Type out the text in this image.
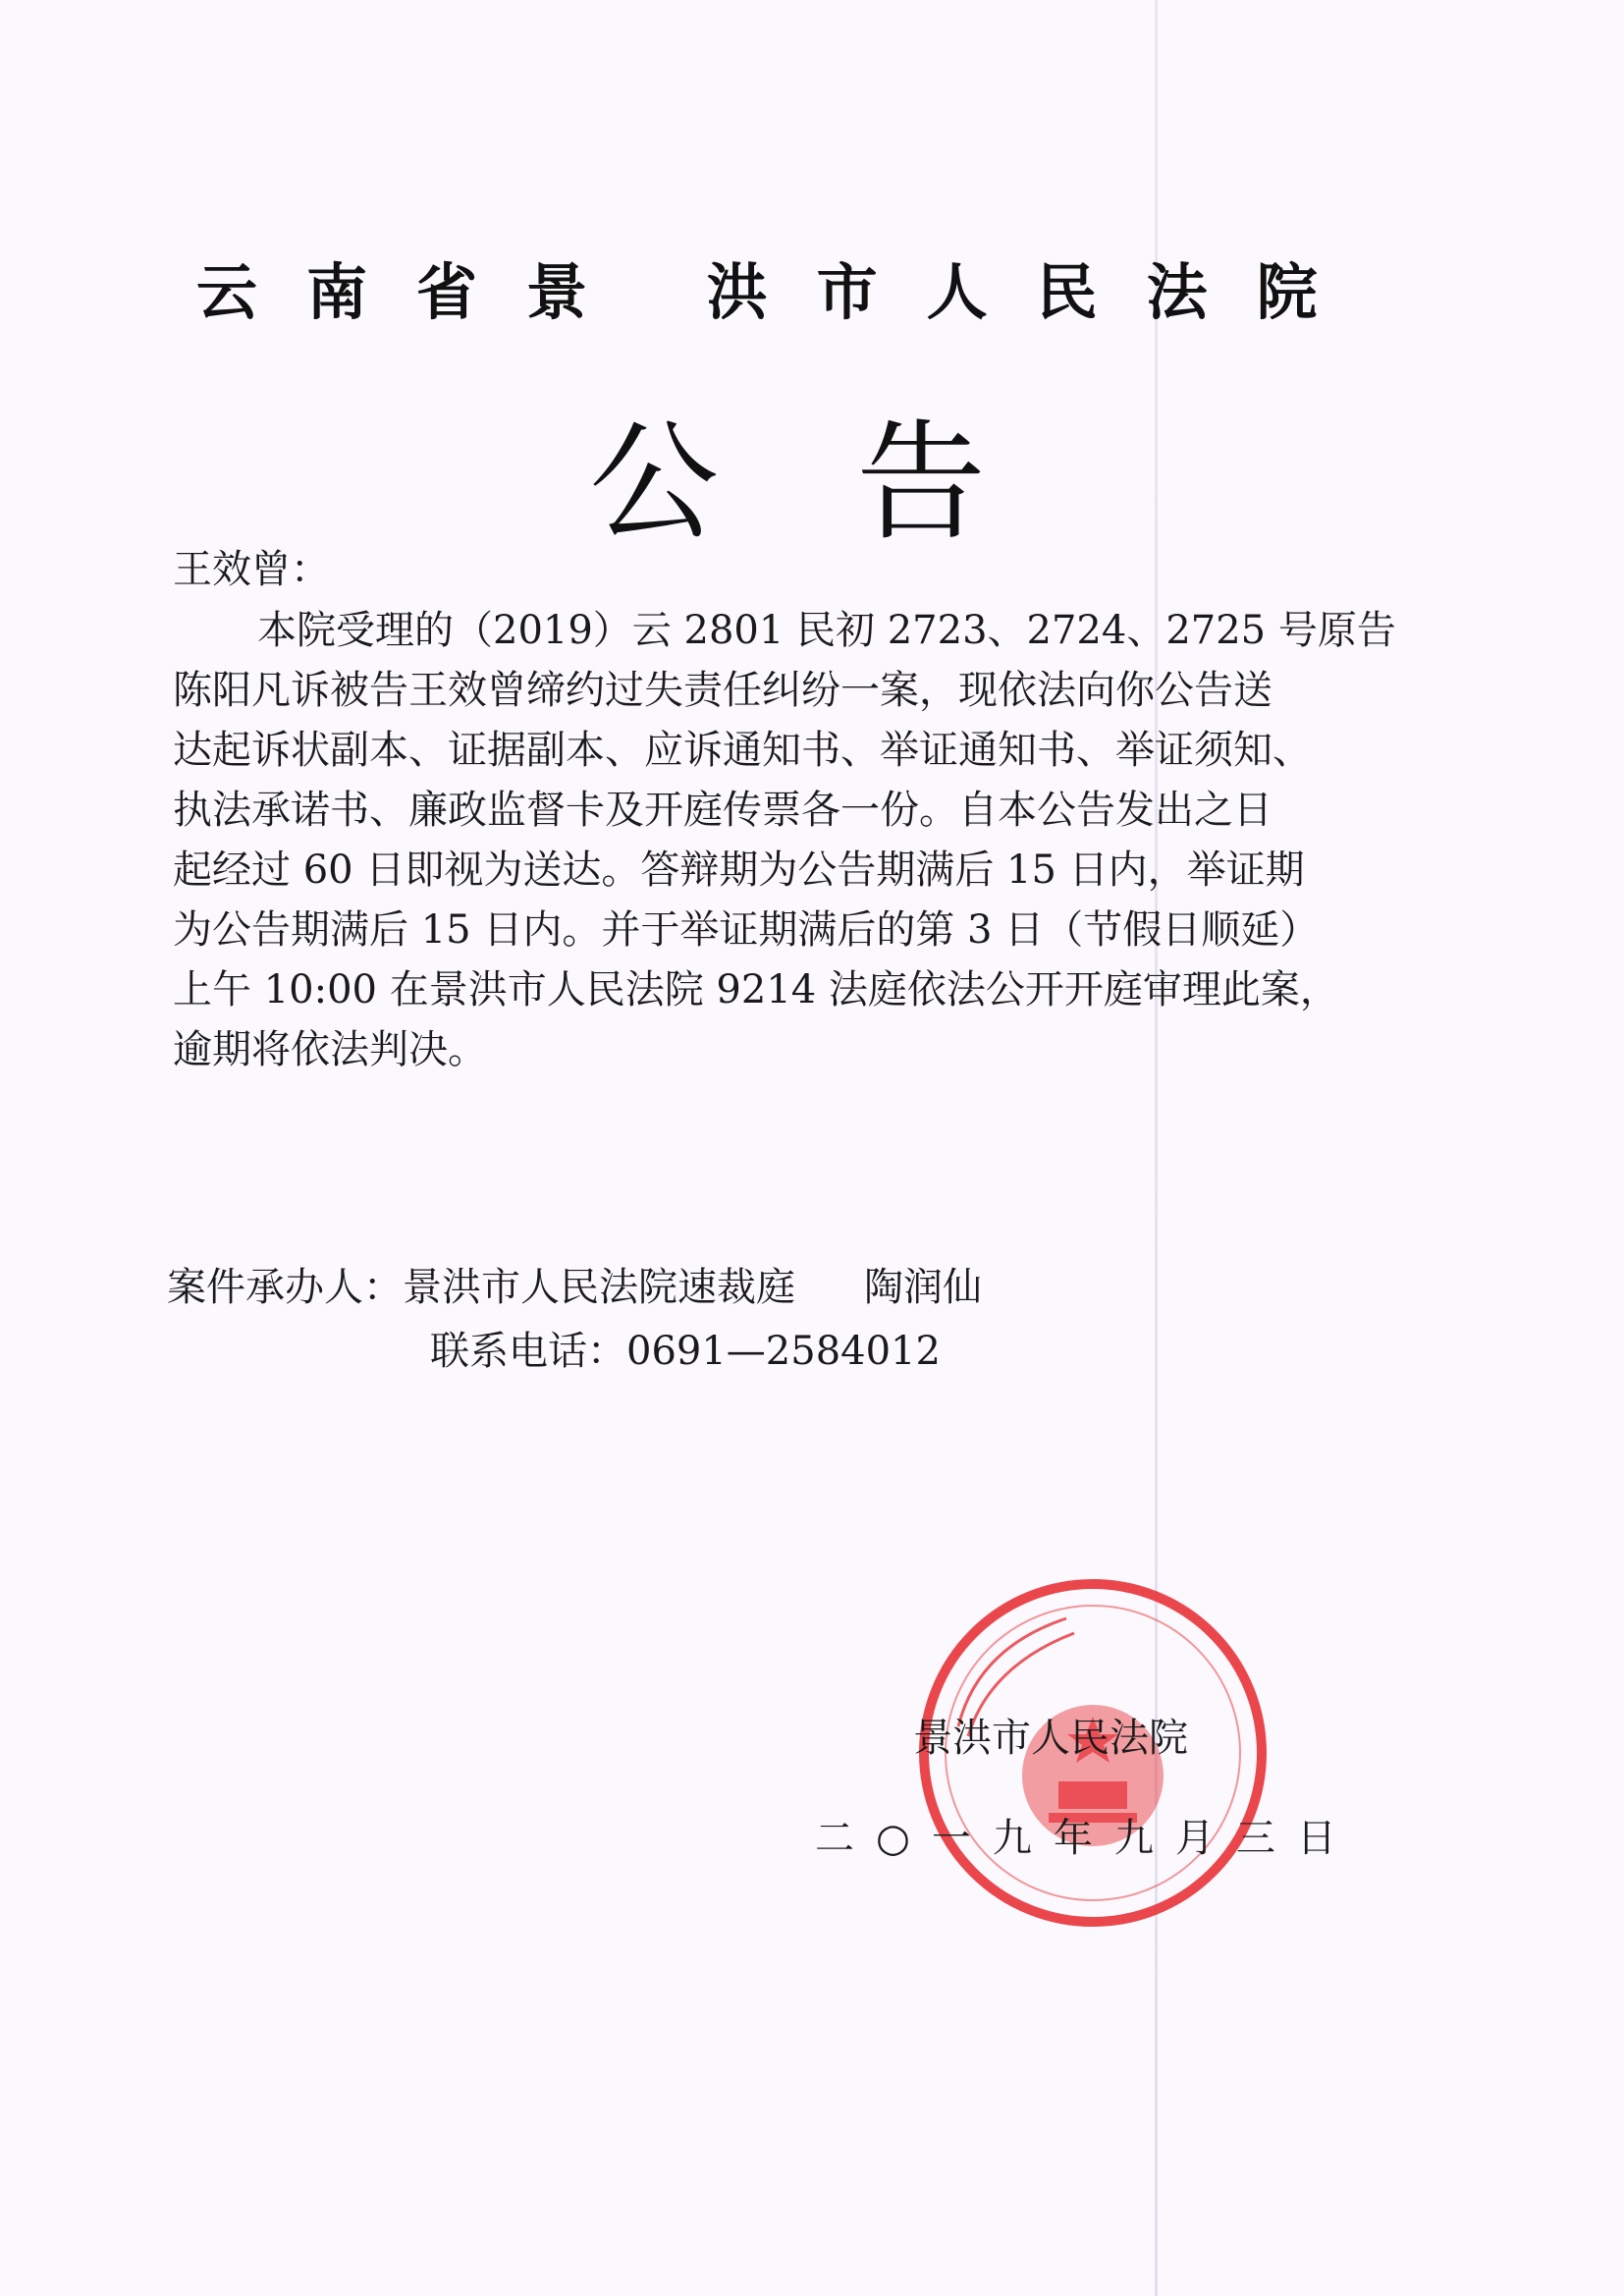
云南省景 洪市人民法院
公告
王效曾：
本院受理的（2019）云 2801 民初 2723、2724、2725 号原告
陈阳凡诉被告王效曾缔约过失责任纠纷一案，现依法向你公告送
达起诉状副本、证据副本、应诉通知书、举证通知书、举证须知、
执法承诺书、廉政监督卡及开庭传票各一份。自本公告发出之日
起经过 60 日即视为送达。答辩期为公告期满后 15 日内，举证期
为公告期满后 15 日内。并于举证期满后的第 3 日（节假日顺延）
上午 10:00 在景洪市人民法院 9214 法庭依法公开开庭审理此案，
逾期将依法判决。
案件承办人：景洪市人民法院速裁庭 陶润仙
联系电话：0691—2584012
景洪市人民法院
二○一九年九月三日
